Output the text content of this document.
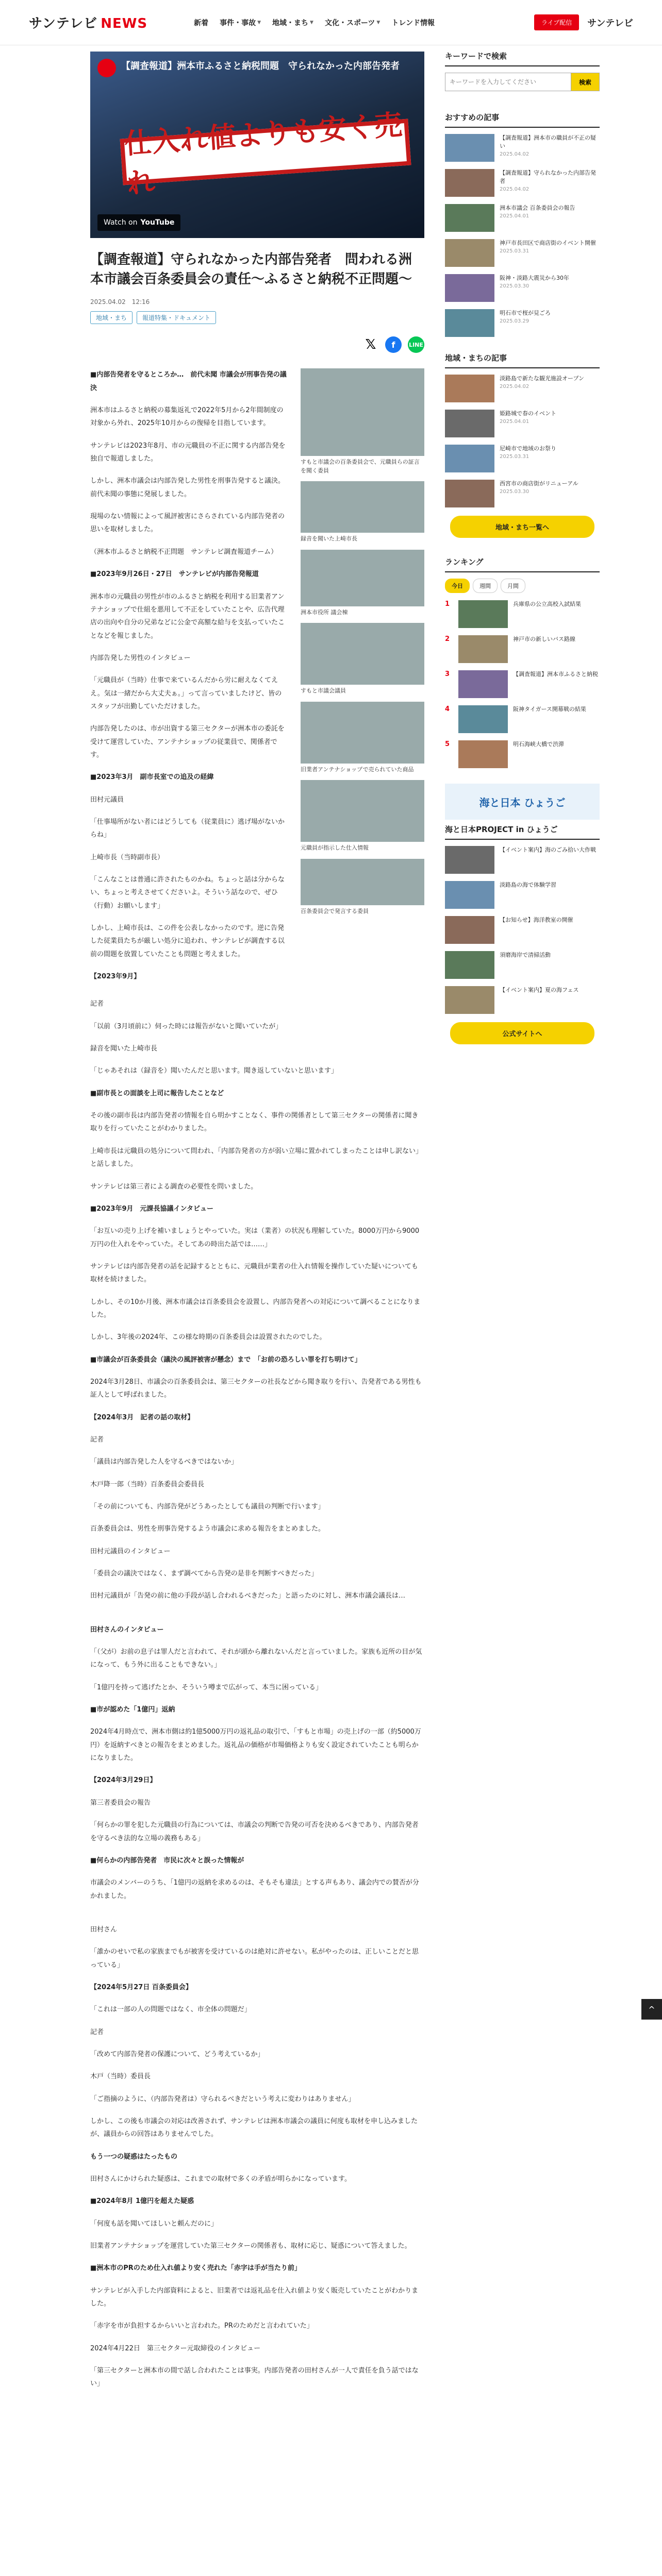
サンテレビ NEWS	新着 事件・事故 ▼ 地域・まち ▼ 文化・スポーツ ▼ トレンド情報	ライブ配信	サンテレビ
【調査報道】洲本市ふるさと納税問題　守られなかった内部告発者
仕入れ値よりも安く売れ
Watch on YouTube
【調査報道】守られなかった内部告発者　問われる洲本市議会百条委員会の責任〜ふるさと納税不正問題〜
2025.04.02　12:16
地域・まち	報道特集・ドキュメント
𝕏	f	LINE

■内部告発者を守るところか…　前代未聞 市議会が刑事告発の議決

洲本市はふるさと納税の募集返礼で2022年5月から2年間制度の対象から外れ、2025年10月からの復帰を目指しています。

サンテレビは2023年8月、市の元職員の不正に関する内部告発を独自で報道しました。

しかし、洲本市議会は内部告発した男性を刑事告発すると議決。前代未聞の事態に発展しました。

現場のない情報によって風評被害にさらされている内部告発者の思いを取材しました。

（洲本市ふるさと納税不正問題　サンテレビ調査報道チーム）

■2023年9月26日・27日　サンテレビが内部告発報道

洲本市の元職員の男性が市のふるさと納税を利用する旧業者アンテナショップで仕組を悪用して不正をしていたことや、広告代理店の出向や自分の兄弟などに公金で高額な給与を支払っていたことなどを報じました。

内部告発した男性のインタビュー

「元職員が（当時）仕事で来ているんだから労に耐えなくてええ。気は一緒だから大丈夫ぁ。」って言っていましたけど、皆のスタッフが出勤していただけました。

内部告発したのは、市が出資する第三セクターが洲本市の委託を受けて運営していた、アンテナショップの従業員で、関係者です。

■2023年3月　副市長室での追及の経緯

田村元議員

「仕事場所がない者にはどうしても（従業員に）逃げ場がないからね」

上崎市長（当時副市長）

「こんなことは普通に許されたものかね。ちょっと話は分からない、ちょっと考えさせてくださいよ。そういう話なので、ぜひ（行動）お願いします」

しかし、上崎市長は、この件を公表しなかったのです。逆に告発した従業員たちが厳しい処分に追われ、サンテレビが調査する以前の間題を放置していたことも問題と考えました。

【2023年9月】

すもと市議会の百条委員会で、元職員らの証言を聞く委員
録音を聞いた上崎市長
洲本市役所 議会棟
すもと市議会議員
旧業者アンテナショップで売られていた商品
元職員が指示した仕入情報
百条委員会で発言する委員

記者

「以前（3月頃前に）伺った時には報告がないと聞いていたが」

録音を聞いた上崎市長

「じゃあそれは（録音を）聞いたんだと思います。聞き返していないと思います」

■副市長との面談を上司に報告したことなど

その後の副市長は内部告発者の情報を自ら明かすことなく、事件の関係者として第三セクターの関係者に聞き取りを行っていたことがわかりました。

上崎市長は元職員の処分について問われ、「内部告発者の方が弱い立場に置かれてしまったことは申し訳ない」と話しました。

サンテレビは第三者による調査の必要性を問いました。

■2023年9月　元課長協議インタビュー

「お互いの売り上げを補いましょうとやっていた。実は（業者）の状況も理解していた。8000万円から9000万円の仕入れをやっていた。そしてあの時出た話では……」

サンテレビは内部告発者の話を記録するとともに、元職員が業者の仕入れ情報を操作していた疑いについても取材を続けました。

しかし、その10か月後、洲本市議会は百条委員会を設置し、内部告発者への対応について調べることになりました。

しかし、3年後の2024年、この様な時期の百条委員会は設置されたのでした。

■市議会が百条委員会（議決の風評被害が懸念）まで　「お前の恐ろしい罪を打ち明けて」

2024年3月28日、市議会の百条委員会は、第三セクターの社長などから聞き取りを行い、告発者である男性も証人として呼ばれました。

【2024年3月　記者の話の取材】

記者

「議員は内部告発した人を守るべきではないか」

木戸降一郎（当時）百条委員会委員長

「その前についても、内部告発がどうあったとしても議員の判断で行います」

百条委員会は、男性を刑事告発するよう市議会に求める報告をまとめました。

田村元議員のインタビュー

「委員会の議決ではなく、まず調べてから告発の是非を判断すべきだった」

田村元議員が「告発の前に他の手段が話し合われるべきだった」と語ったのに対し、洲本市議会議長は…

田村さんのインタビュー

「（父が）お前の息子は罪人だと言われて、それが頭から離れないんだと言っていました。家族も近所の目が気になって、もう外に出ることもできない。」

「1億円を持って逃げたとか、そういう噂まで広がって、本当に困っている」

■市が認めた「1億円」返納

2024年4月時点で、洲本市側は約1億5000万円の返礼品の取引で、「すもと市場」の売上げの一部（約5000万円）を返納すべきとの報告をまとめました。返礼品の価格が市場価格よりも安く設定されていたことも明らかになりました。

【2024年3月29日】

第三者委員会の報告

「何らかの罪を犯した元職員の行為については、市議会の判断で告発の可否を決めるべきであり、内部告発者を守るべき法的な立場の義務もある」

■何らかの内部告発者　市民に次々と誤った情報が

市議会のメンバーのうち、「1億円の返納を求めるのは、そもそも違法」とする声もあり、議会内での賛否が分かれました。

田村さん

「誰かのせいで私の家族までもが被害を受けているのは絶対に許せない。私がやったのは、正しいことだと思っている」

【2024年5月27日 百条委員会】

「これは一部の人の問題ではなく、市全体の問題だ」

記者

「改めて内部告発者の保護について、どう考えているか」

木戸（当時）委員長

「ご指摘のように、（内部告発者は）守られるべきだという考えに変わりはありません」

しかし、この後も市議会の対応は改善されず、サンテレビは洲本市議会の議員に何度も取材を申し込みましたが、議員からの回答はありませんでした。

もう一つの疑惑はたったもの

田村さんにかけられた疑惑は、これまでの取材で多くの矛盾が明らかになっています。

■2024年8月 1億円を超えた疑惑

「何度も話を聞いてほしいと頼んだのに」

旧業者アンテナショップを運営していた第三セクターの関係者も、取材に応じ、疑惑について答えました。

■洲本市のPRのため仕入れ値より安く売れた「赤字は手が当たり前」

サンテレビが入手した内部資料によると、旧業者では返礼品を仕入れ値より安く販売していたことがわかりました。

「赤字を市が負担するからいいと言われた。PRのためだと言われていた」

2024年4月22日　第三セクター元取締役のインタビュー

「第三セクターと洲本市の間で話し合われたことは事実。内部告発者の田村さんが一人で責任を負う話ではない」

キーワードで検索
キーワードを入力してください
検索
おすすめの記事
【調査報道】洲本市の職員が不正の疑い
2025.04.02
【調査報道】守られなかった内部告発者
2025.04.02
洲本市議会 百条委員会の報告
2025.04.01
神戸市長田区で商店街のイベント開催
2025.03.31
阪神・淡路大震災から30年
2025.03.30
明石市で桜が見ごろ
2025.03.29
地域・まちの記事
淡路島で新たな観光施設オープン
2025.04.02
姫路城で春のイベント
2025.04.01
尼崎市で地域のお祭り
2025.03.31
西宮市の商店街がリニューアル
2025.03.30
地域・まち一覧へ
ランキング
今日	週間	月間
1	兵庫県の公立高校入試結果
2	神戸市の新しいバス路線
3	【調査報道】洲本市ふるさと納税
4	阪神タイガース開幕戦の結果
5	明石海峡大橋で渋滞
海と日本 ひょうご
海と日本PROJECT in ひょうご
【イベント案内】海のごみ拾い大作戦
淡路島の海で体験学習
【お知らせ】海洋教室の開催
須磨海岸で清掃活動
【イベント案内】夏の海フェス
公式サイトへ
^
